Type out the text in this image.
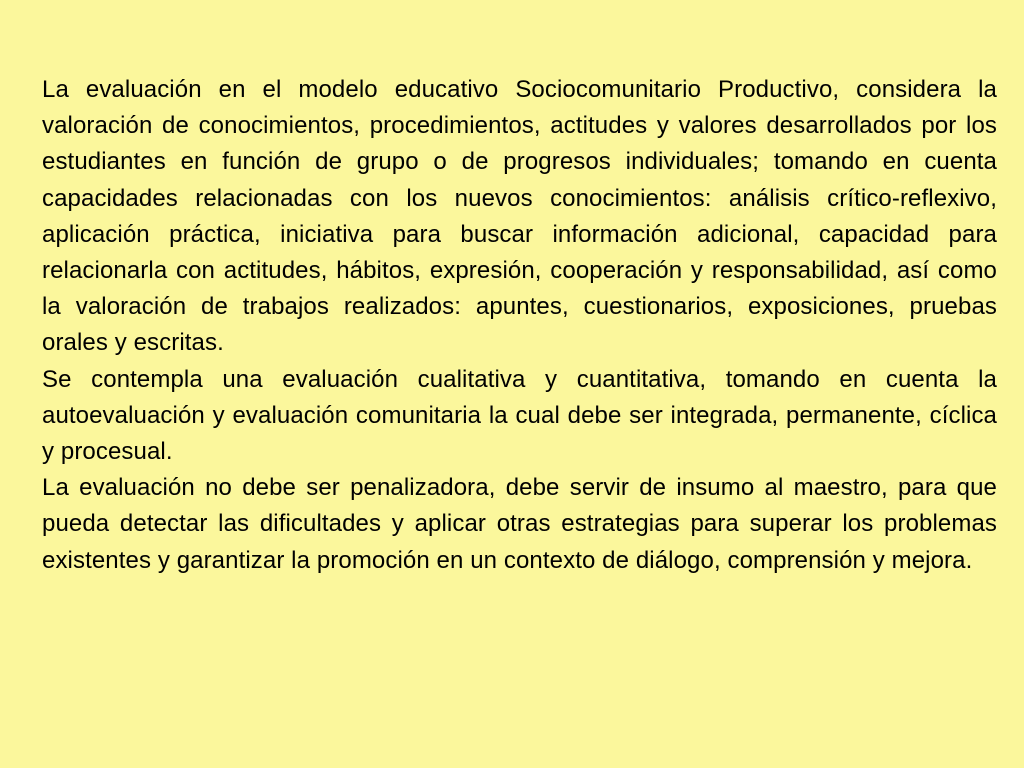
La evaluación en el modelo educativo Sociocomunitario Productivo, considera la valoración de conocimientos, procedimientos, actitudes y valores desarrollados por los estudiantes en función de grupo o de progresos individuales; tomando en cuenta capacidades relacionadas con los nuevos conocimientos: análisis crítico-reflexivo, aplicación práctica, iniciativa para buscar información adicional, capacidad para relacionarla con actitudes, hábitos, expresión, cooperación y responsabilidad, así como la valoración de trabajos realizados: apuntes, cuestionarios, exposiciones, pruebas orales y escritas.

Se contempla una evaluación cualitativa y cuantitativa, tomando en cuenta la autoevaluación y evaluación comunitaria la cual debe ser integrada, permanente, cíclica y procesual.

La evaluación no debe ser penalizadora, debe servir de insumo al maestro, para que pueda detectar las dificultades y aplicar otras estrategias para superar los problemas existentes y garantizar la promoción en un contexto de diálogo, comprensión y mejora.
